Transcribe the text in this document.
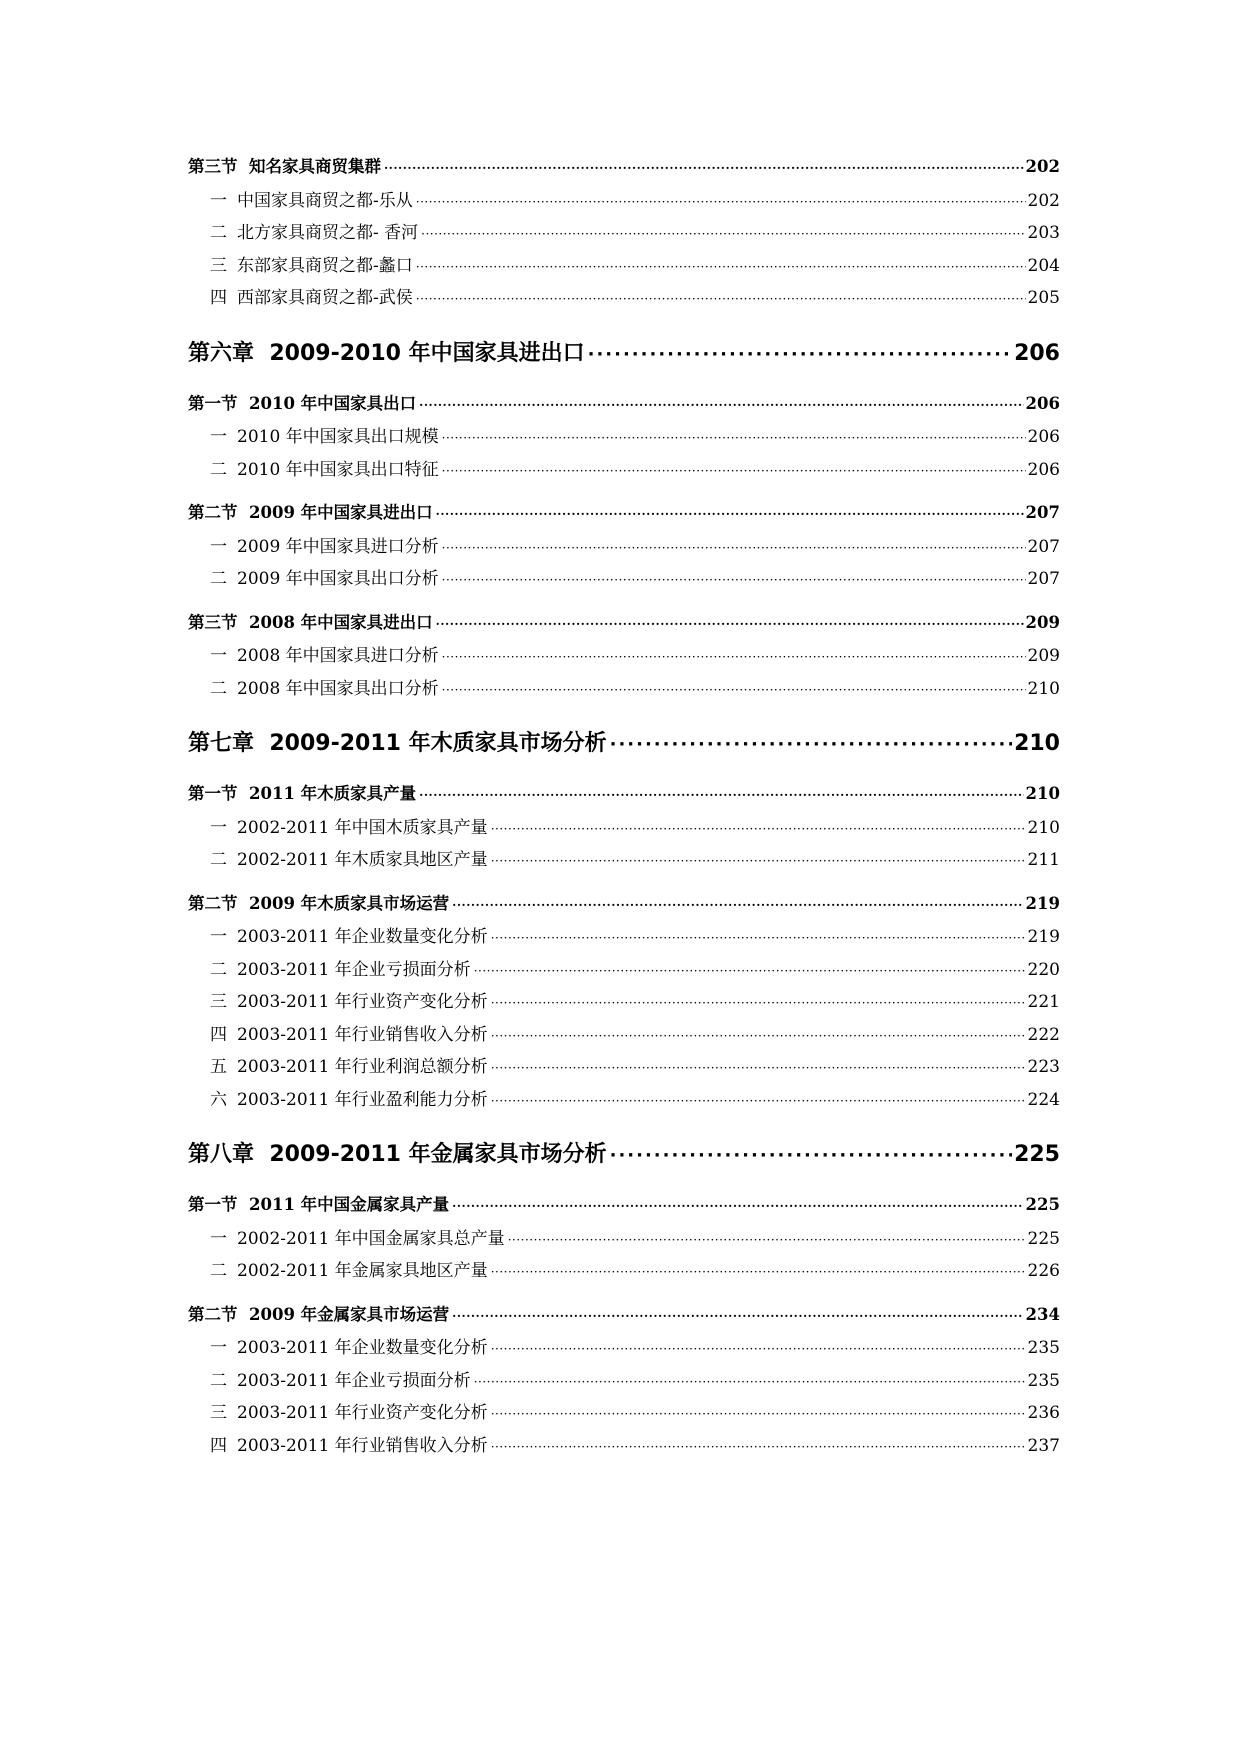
第三节 知名家具商贸集群 ·····	202
一 中国家具商贸之都-乐从 ·····	202
二 北方家具商贸之都- 香河 ·····	203
三 东部家具商贸之都-蠡口 ·····	204
四 西部家具商贸之都-武侯 ·····	205
第六章 2009-2010 年中国家具进出口 ·····	206
第一节 2010 年中国家具出口 ·····	206
一 2010 年中国家具出口规模 ·····	206
二 2010 年中国家具出口特征 ·····	206
第二节 2009 年中国家具进出口 ·····	207
一 2009 年中国家具进口分析 ·····	207
二 2009 年中国家具出口分析 ·····	207
第三节 2008 年中国家具进出口 ·····	209
一 2008 年中国家具进口分析 ·····	209
二 2008 年中国家具出口分析 ·····	210
第七章 2009-2011 年木质家具市场分析 ·····	210
第一节 2011 年木质家具产量 ·····	210
一 2002-2011 年中国木质家具产量 ·····	210
二 2002-2011 年木质家具地区产量 ·····	211
第二节 2009 年木质家具市场运营 ·····	219
一 2003-2011 年企业数量变化分析 ·····	219
二 2003-2011 年企业亏损面分析 ·····	220
三 2003-2011 年行业资产变化分析 ·····	221
四 2003-2011 年行业销售收入分析 ·····	222
五 2003-2011 年行业利润总额分析 ·····	223
六 2003-2011 年行业盈利能力分析 ·····	224
第八章 2009-2011 年金属家具市场分析 ·····	225
第一节 2011 年中国金属家具产量 ·····	225
一 2002-2011 年中国金属家具总产量 ·····	225
二 2002-2011 年金属家具地区产量 ·····	226
第二节 2009 年金属家具市场运营 ·····	234
一 2003-2011 年企业数量变化分析 ·····	235
二 2003-2011 年企业亏损面分析 ·····	235
三 2003-2011 年行业资产变化分析 ·····	236
四 2003-2011 年行业销售收入分析 ·····	237
